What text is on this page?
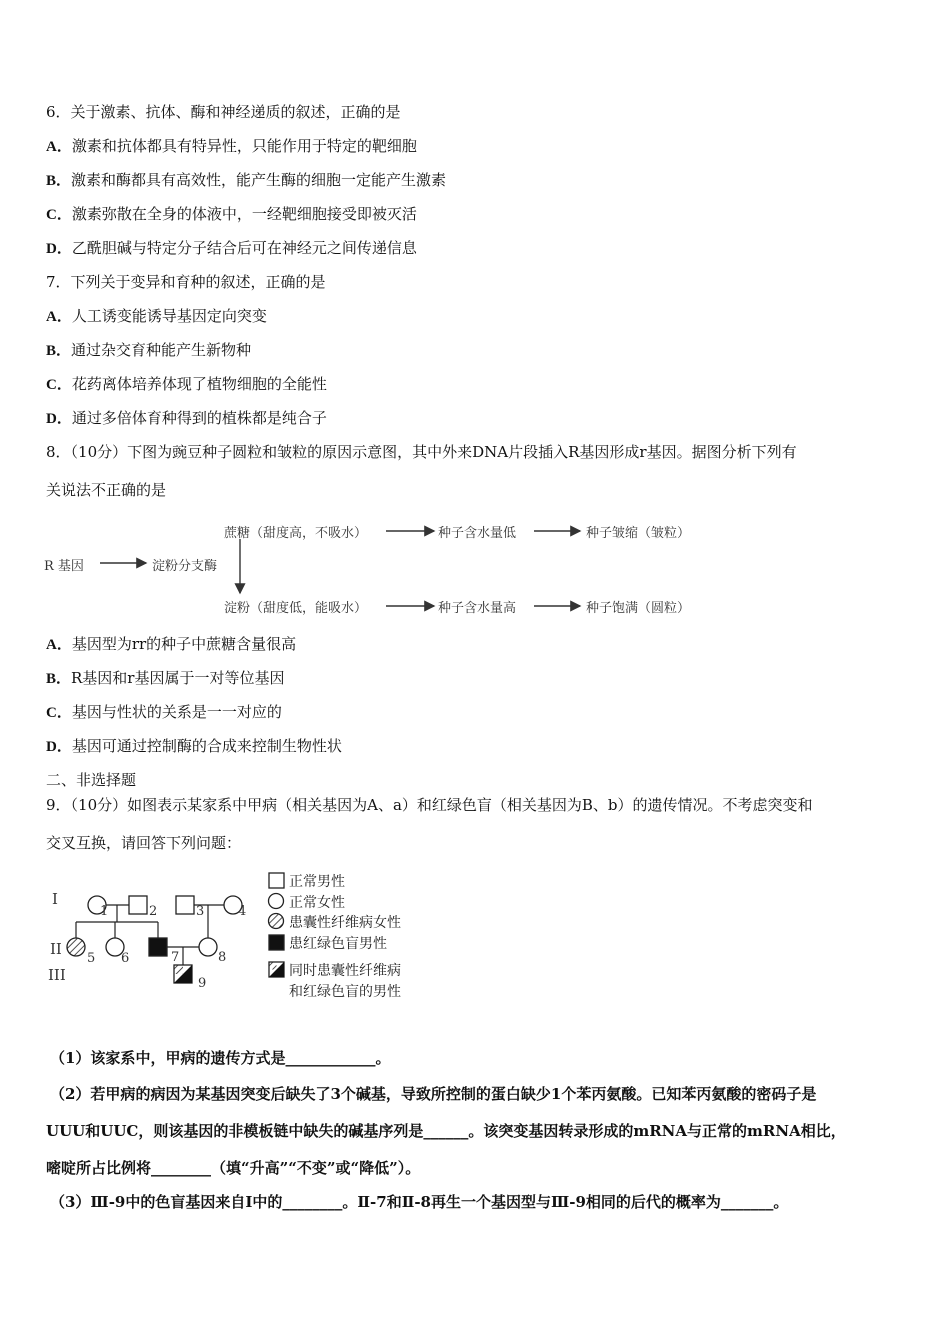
6．关于激素、抗体、酶和神经递质的叙述，正确的是
A．激素和抗体都具有特异性，只能作用于特定的靶细胞
B．激素和酶都具有高效性，能产生酶的细胞一定能产生激素
C．激素弥散在全身的体液中，一经靶细胞接受即被灭活
D．乙酰胆碱与特定分子结合后可在神经元之间传递信息
7．下列关于变异和育种的叙述，正确的是
A．人工诱变能诱导基因定向突变
B．通过杂交育种能产生新物种
C．花药离体培养体现了植物细胞的全能性
D．通过多倍体育种得到的植株都是纯合子
8．（10分）下图为豌豆种子圆粒和皱粒的原因示意图，其中外来DNA片段插入R基因形成r基因。据图分析下列有
关说法不正确的是
R 基因	淀粉分支酶
蔗糖（甜度高，不吸水）	种子含水量低	种子皱缩（皱粒）
淀粉（甜度低，能吸水）	种子含水量高	种子饱满（圆粒）
A．基因型为rr的种子中蔗糖含量很高
B．R基因和r基因属于一对等位基因
C．基因与性状的关系是一一对应的
D．基因可通过控制酶的合成来控制生物性状
二、非选择题
9．（10分）如图表示某家系中甲病（相关基因为A、a）和红绿色盲（相关基因为B、b）的遗传情况。不考虑突变和
交叉互换，请回答下列问题：
I
II
III
1	2	3	4
5 6	7	8
9
正常男性
正常女性
患囊性纤维病女性
患红绿色盲男性
同时患囊性纤维病
和红绿色盲的男性
（1）该家系中，甲病的遗传方式是____________。
（2）若甲病的病因为某基因突变后缺失了3个碱基，导致所控制的蛋白缺少1个苯丙氨酸。已知苯丙氨酸的密码子是
UUU和UUC，则该基因的非模板链中缺失的碱基序列是______。该突变基因转录形成的mRNA与正常的mRNA相比，
嘧啶所占比例将________（填“升高”“不变”或“降低”）。
（3）Ⅲ-9中的色盲基因来自Ⅰ中的________。Ⅱ-7和Ⅱ-8再生一个基因型与Ⅲ-9相同的后代的概率为_______。
